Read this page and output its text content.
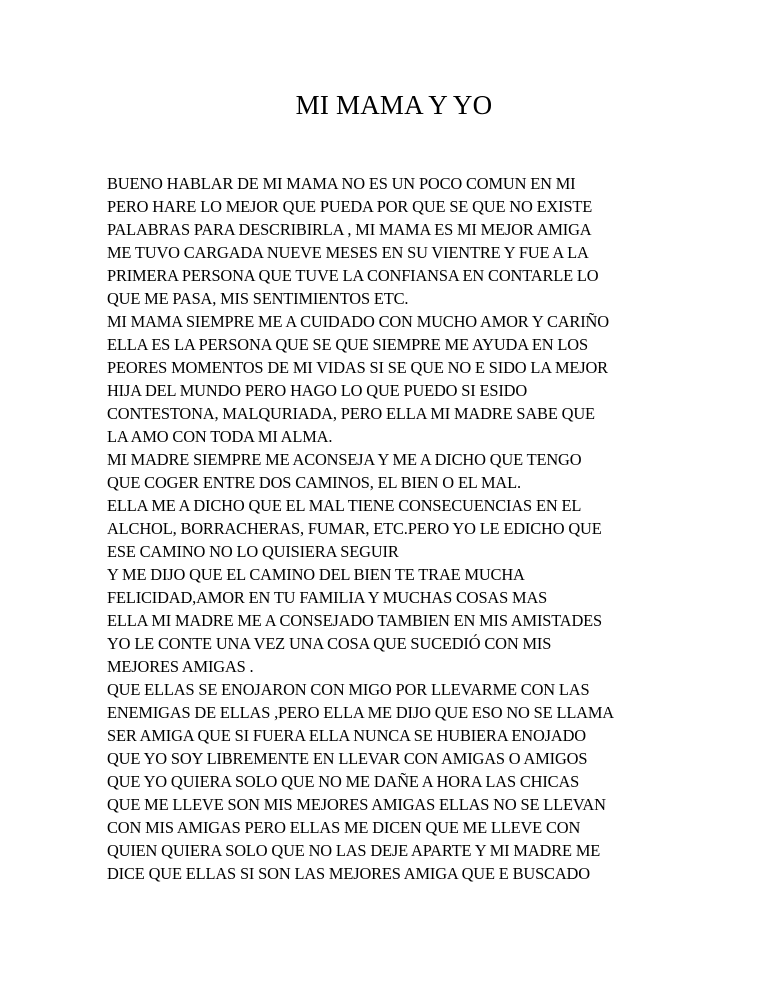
MI MAMA Y YO
BUENO HABLAR DE MI MAMA NO ES UN POCO COMUN EN MI
PERO HARE LO MEJOR QUE PUEDA POR QUE SE QUE NO EXISTE
PALABRAS PARA DESCRIBIRLA , MI MAMA ES MI MEJOR AMIGA
ME TUVO CARGADA NUEVE MESES EN SU VIENTRE Y FUE A LA
PRIMERA PERSONA QUE TUVE LA CONFIANSA EN CONTARLE LO
QUE ME PASA, MIS SENTIMIENTOS ETC.
MI MAMA SIEMPRE ME A CUIDADO CON MUCHO AMOR Y CARIÑO
ELLA ES LA PERSONA QUE SE QUE SIEMPRE ME AYUDA EN LOS
PEORES MOMENTOS DE MI VIDAS SI SE QUE NO E SIDO LA MEJOR
HIJA DEL MUNDO PERO HAGO LO QUE PUEDO SI ESIDO
CONTESTONA, MALQURIADA, PERO ELLA MI MADRE SABE QUE
LA AMO CON TODA MI ALMA.
MI MADRE SIEMPRE ME ACONSEJA Y ME A DICHO QUE TENGO
QUE COGER ENTRE DOS CAMINOS, EL BIEN O EL MAL.
ELLA ME A DICHO QUE EL MAL TIENE CONSECUENCIAS EN EL
ALCHOL, BORRACHERAS, FUMAR, ETC.PERO YO LE EDICHO QUE
ESE CAMINO NO LO QUISIERA SEGUIR
Y ME DIJO QUE EL CAMINO DEL BIEN TE TRAE MUCHA
FELICIDAD,AMOR EN TU FAMILIA Y MUCHAS COSAS MAS
ELLA MI MADRE ME A CONSEJADO TAMBIEN EN MIS AMISTADES
YO LE CONTE UNA VEZ UNA COSA QUE SUCEDIÓ CON MIS
MEJORES AMIGAS .
QUE ELLAS SE ENOJARON CON MIGO POR LLEVARME CON LAS
ENEMIGAS DE ELLAS ,PERO ELLA ME DIJO QUE ESO NO SE LLAMA
SER AMIGA QUE SI FUERA ELLA NUNCA SE HUBIERA ENOJADO
QUE YO SOY LIBREMENTE EN LLEVAR CON AMIGAS O AMIGOS
QUE YO QUIERA SOLO QUE NO ME DAÑE A HORA LAS CHICAS
QUE ME LLEVE SON MIS MEJORES AMIGAS ELLAS NO SE LLEVAN
CON MIS AMIGAS PERO ELLAS ME DICEN QUE ME LLEVE CON
QUIEN QUIERA SOLO QUE NO LAS DEJE APARTE Y MI MADRE ME
DICE QUE ELLAS SI SON LAS MEJORES AMIGA QUE E BUSCADO
